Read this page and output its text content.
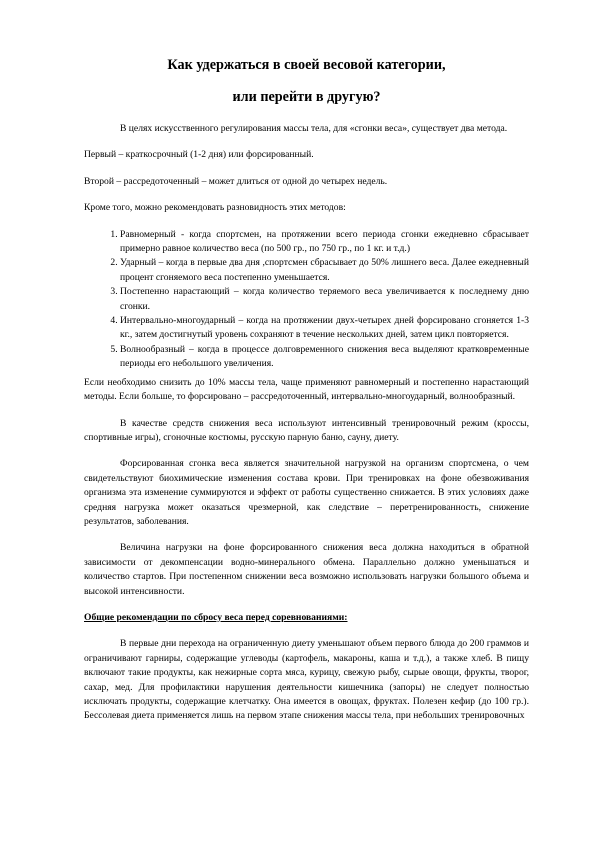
Как удержаться в своей весовой категории,
или перейти в другую?

В целях искусственного регулирования массы тела, для «сгонки веса», существует два метода.

Первый – краткосрочный (1-2 дня) или форсированный.

Второй – рассредоточенный – может длиться от одной до четырех недель.

Кроме того, можно рекомендовать разновидность этих методов:

1. Равномерный - когда спортсмен, на протяжении всего периода сгонки ежедневно сбрасывает примерно равное количество веса (по 500 гр., по 750 гр., по 1 кг. и т.д.)
2. Ударный – когда в первые два дня ,спортсмен сбрасывает до 50% лишнего веса. Далее ежедневный процент сгоняемого веса постепенно уменьшается.
3. Постепенно нарастающий – когда количество теряемого веса увеличивается к последнему дню сгонки.
4. Интервально-многоударный – когда на протяжении двух-четырех дней форсировано сгоняется 1-3 кг., затем достигнутый уровень сохраняют в течение нескольких дней, затем цикл повторяется.
5. Волнообразный – когда в процессе долговременного снижения веса выделяют кратковременные периоды его небольшого увеличения.

Если необходимо снизить до 10% массы тела, чаще применяют равномерный и постепенно нарастающий методы. Если больше, то форсировано – рассредоточенный, интервально-многоударный, волнообразный.

В качестве средств снижения веса используют интенсивный тренировочный режим (кроссы, спортивные игры), сгоночные костюмы, русскую парную баню, сауну, диету.

Форсированная сгонка веса является значительной нагрузкой на организм спортсмена, о чем свидетельствуют биохимические изменения состава крови. При тренировках на фоне обезвоживания организма эта изменение суммируются и эффект от работы существенно снижается. В этих условиях даже средняя нагрузка может оказаться чрезмерной, как следствие – перетренированность, снижение результатов, заболевания.

Величина нагрузки на фоне форсированного снижения веса должна находиться в обратной зависимости от декомпенсации водно-минерального обмена. Параллельно должно уменьшаться и количество стартов. При постепенном снижении веса возможно использовать нагрузки большого объема и высокой интенсивности.

Общие рекомендации по сбросу веса перед соревнованиями:

В первые дни перехода на ограниченную диету уменьшают объем первого блюда до 200 граммов и ограничивают гарниры, содержащие углеводы (картофель, макароны, каша и т.д.), а также хлеб. В пищу включают такие продукты, как нежирные сорта мяса, курицу, свежую рыбу, сырые овощи, фрукты, творог, сахар, мед. Для профилактики нарушения деятельности кишечника (запоры) не следует полностью исключать продукты, содержащие клетчатку. Она имеется в овощах, фруктах. Полезен кефир (до 100 гр.). Бессолевая диета применяется лишь на первом этапе снижения массы тела, при небольших тренировочных
